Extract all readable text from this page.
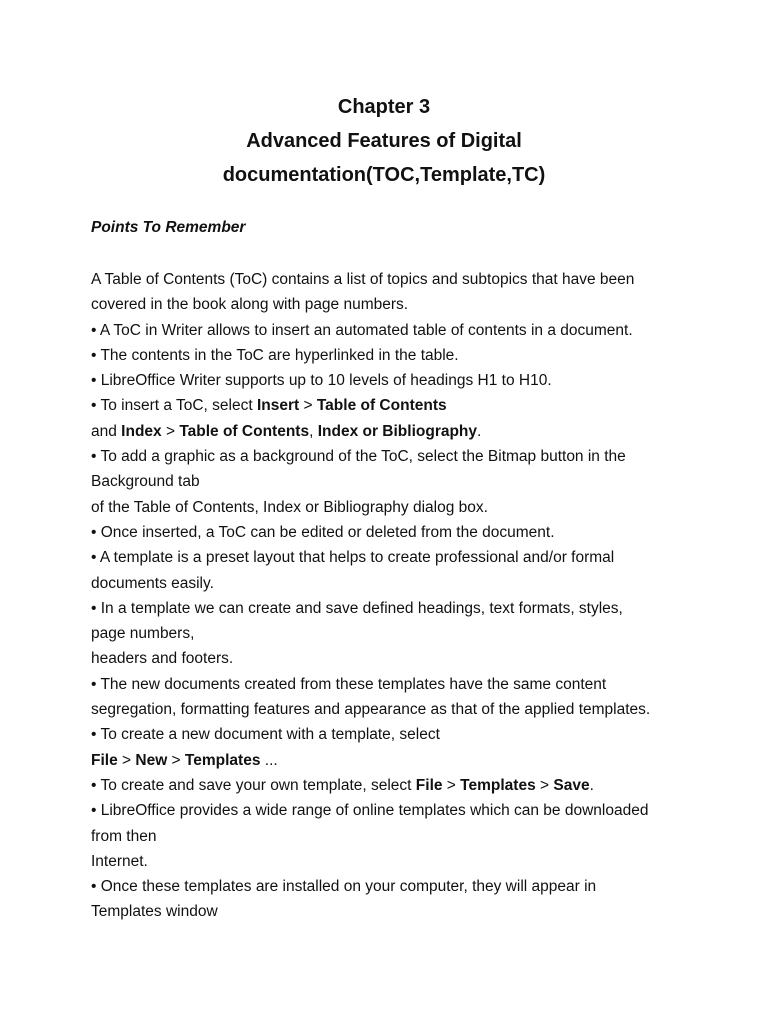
Chapter 3
Advanced Features of Digital
documentation(TOC,Template,TC)
Points To Remember
A Table of Contents (ToC) contains a list of topics and subtopics that have been
covered in the book along with page numbers.
• A ToC in Writer allows to insert an automated table of contents in a document.
• The contents in the ToC are hyperlinked in the table.
• LibreOffice Writer supports up to 10 levels of headings H1 to H10.
• To insert a ToC, select Insert > Table of Contents
and Index > Table of Contents, Index or Bibliography.
• To add a graphic as a background of the ToC, select the Bitmap button in the
Background tab
of the Table of Contents, Index or Bibliography dialog box.
• Once inserted, a ToC can be edited or deleted from the document.
• A template is a preset layout that helps to create professional and/or formal
documents easily.
• In a template we can create and save defined headings, text formats, styles,
page numbers,
headers and footers.
• The new documents created from these templates have the same content
segregation, formatting features and appearance as that of the applied templates.
• To create a new document with a template, select
File > New > Templates ...
• To create and save your own template, select File > Templates > Save.
• LibreOffice provides a wide range of online templates which can be downloaded
from then
Internet.
• Once these templates are installed on your computer, they will appear in
Templates window
